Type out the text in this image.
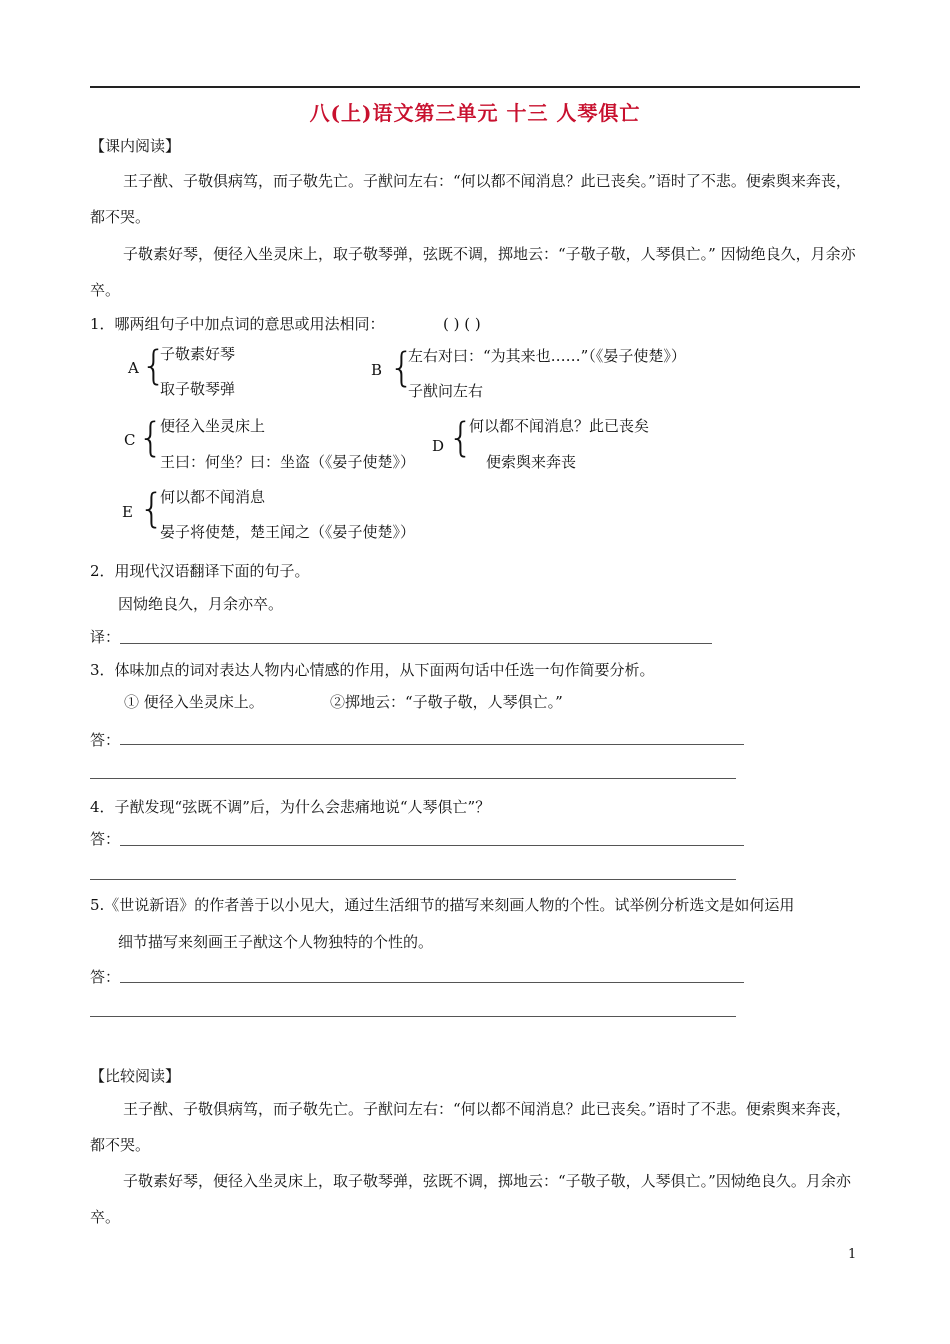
八(上)语文第三单元 十三 人琴俱亡
【课内阅读】
王子猷、子敬俱病笃，而子敬先亡。子猷问左右：“何以都不闻消息？此已丧矣。”语时了不悲。便索舆来奔丧，都不哭。
子敬素好琴，便径入坐灵床上，取子敬琴弹，弦既不调，掷地云：“子敬子敬，人琴俱亡。” 因恸绝良久，月余亦卒。
1．哪两组句子中加点词的意思或用法相同：	( ) ( )
A {
子敬素好琴
取子敬琴弹
B {
左右对曰：“为其来也……”（《晏子使楚》）
子猷问左右
C {
便径入坐灵床上
王曰：何坐？曰：坐盗（《晏子使楚》）
D {
何以都不闻消息？此已丧矣
便索舆来奔丧
E {
何以都不闻消息
晏子将使楚，楚王闻之（《晏子使楚》）
2．用现代汉语翻译下面的句子。
因恸绝良久，月余亦卒。
译：
3．体味加点的词对表达人物内心情感的作用，从下面两句话中任选一句作简要分析。
① 便径入坐灵床上。	②掷地云：“子敬子敬，人琴俱亡。”
答：
4．子猷发现“弦既不调”后，为什么会悲痛地说“人琴俱亡”？
答：
5.《世说新语》的作者善于以小见大，通过生活细节的描写来刻画人物的个性。试举例分析选文是如何运用
细节描写来刻画王子猷这个人物独特的个性的。
答：
【比较阅读】
王子猷、子敬俱病笃，而子敬先亡。子猷问左右：“何以都不闻消息？此已丧矣。”语时了不悲。便索舆来奔丧，都不哭。
子敬素好琴，便径入坐灵床上，取子敬琴弹，弦既不调，掷地云：“子敬子敬，人琴俱亡。”因恸绝良久。月余亦卒。
1
